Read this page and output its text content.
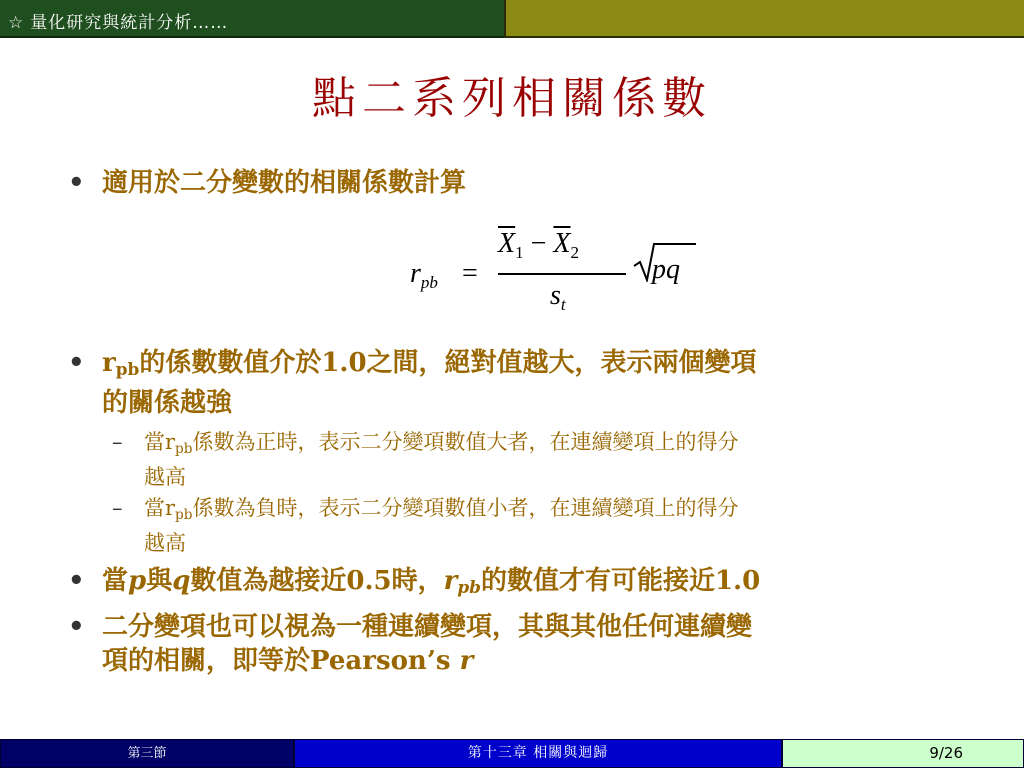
☆ 量化研究與統計分析……
點二系列相關係數
$r_{pb}$ =
$\overline{X}_1 - \overline{X}_2$
$s_t$
pq
• 適用於二分變數的相關係數計算
• $r_{pb}$的係數數值介於1.0之間，絕對值越大，表示兩個變項
的關係越強
– 當$r_{pb}$係數為正時，表示二分變項數值大者，在連續變項上的得分
越高
– 當$r_{pb}$係數為負時，表示二分變項數值小者，在連續變項上的得分
越高
• 當p與q數值為越接近0.5時，$r_{pb}$的數值才有可能接近1.0
• 二分變項也可以視為一種連續變項，其與其他任何連續變
項的相關，即等於Pearson’s r
第三節	第十三章 相關與迴歸	9/26
